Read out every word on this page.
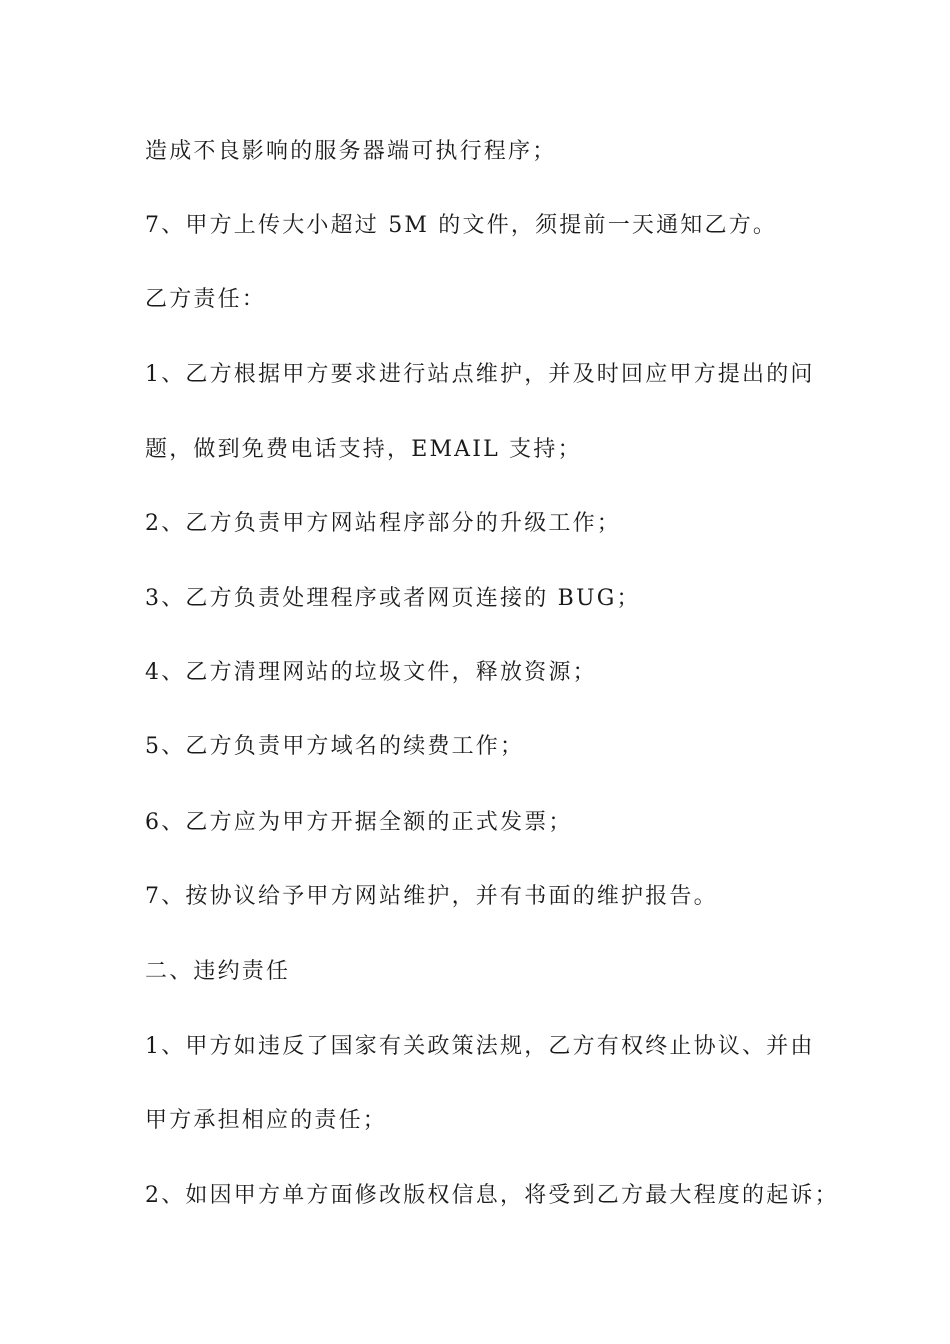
造成不良影响的服务器端可执行程序；
7、甲方上传大小超过 5M 的文件，须提前一天通知乙方。
乙方责任：
1、乙方根据甲方要求进行站点维护，并及时回应甲方提出的问
题，做到免费电话支持，EMAIL 支持；
2、乙方负责甲方网站程序部分的升级工作；
3、乙方负责处理程序或者网页连接的 BUG；
4、乙方清理网站的垃圾文件，释放资源；
5、乙方负责甲方域名的续费工作；
6、乙方应为甲方开据全额的正式发票；
7、按协议给予甲方网站维护，并有书面的维护报告。
二、违约责任
1、甲方如违反了国家有关政策法规，乙方有权终止协议、并由
甲方承担相应的责任；
2、如因甲方单方面修改版权信息，将受到乙方最大程度的起诉；
